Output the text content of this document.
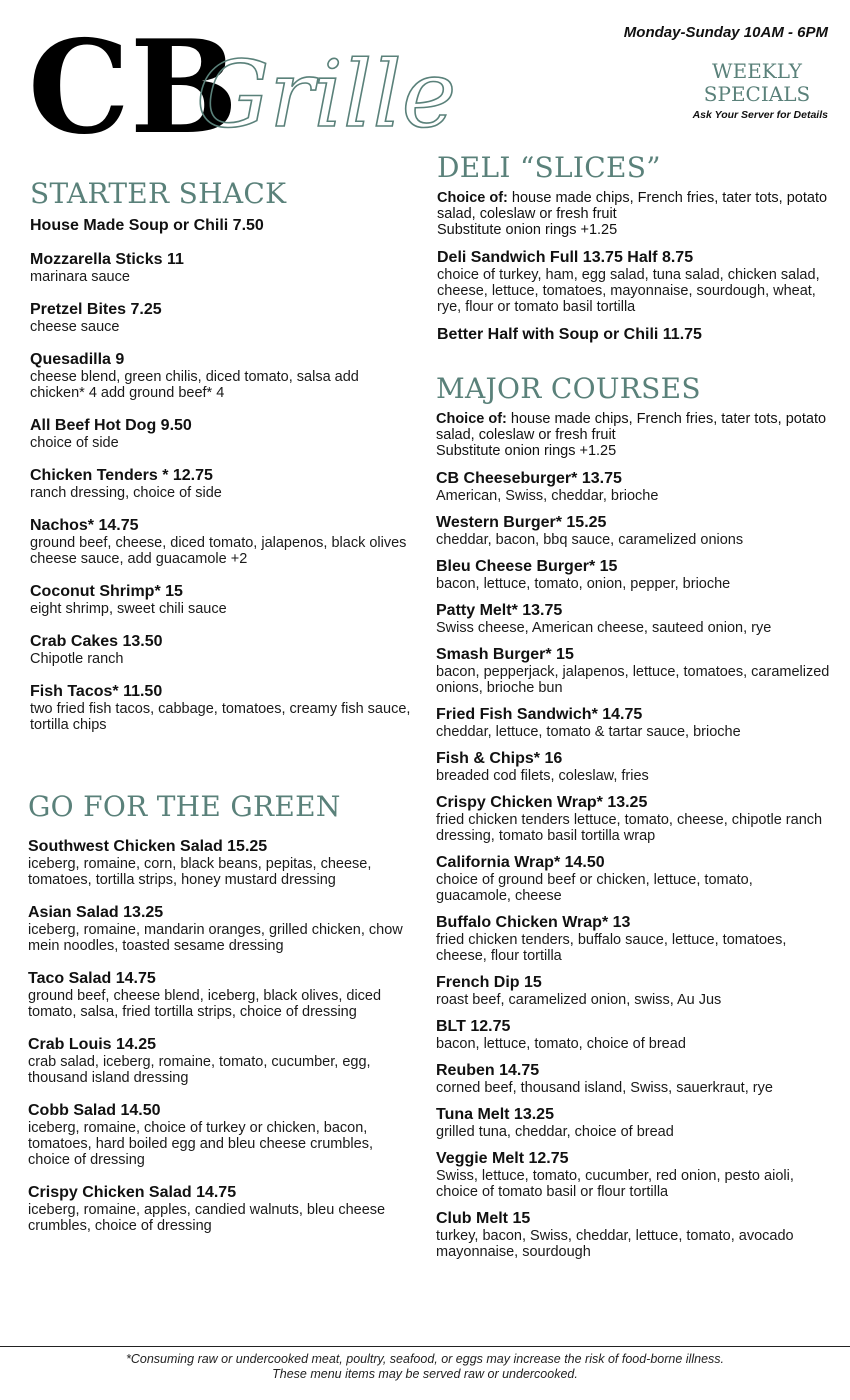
CB
Grille
Monday-Sunday 10AM - 6PM
WEEKLY
SPECIALS
Ask Your Server for Details
STARTER SHACK
House Made Soup or Chili 7.50
Mozzarella Sticks 11
marinara sauce
Pretzel Bites 7.25
cheese sauce
Quesadilla 9
cheese blend, green chilis, diced tomato, salsa add chicken* 4 add ground beef* 4
All Beef Hot Dog 9.50
choice of side
Chicken Tenders * 12.75
ranch dressing, choice of side
Nachos* 14.75
ground beef, cheese, diced tomato, jalapenos, black olives cheese sauce, add guacamole +2
Coconut Shrimp* 15
eight shrimp, sweet chili sauce
Crab Cakes 13.50
Chipotle ranch
Fish Tacos* 11.50
two fried fish tacos, cabbage, tomatoes, creamy fish sauce, tortilla chips
GO FOR THE GREEN
Southwest Chicken Salad 15.25
iceberg, romaine, corn, black beans, pepitas, cheese, tomatoes, tortilla strips, honey mustard dressing
Asian Salad 13.25
iceberg, romaine, mandarin oranges, grilled chicken, chow mein noodles, toasted sesame dressing
Taco Salad 14.75
ground beef, cheese blend, iceberg, black olives, diced tomato, salsa, fried tortilla strips, choice of dressing
Crab Louis 14.25
crab salad, iceberg, romaine, tomato, cucumber, egg, thousand island dressing
Cobb Salad 14.50
iceberg, romaine, choice of turkey or chicken, bacon, tomatoes, hard boiled egg and bleu cheese crumbles, choice of dressing
Crispy Chicken Salad 14.75
iceberg, romaine, apples, candied walnuts, bleu cheese crumbles, choice of dressing
DELI “SLICES”
Choice of: house made chips, French fries, tater tots, potato salad, coleslaw or fresh fruit
Substitute onion rings +1.25
Deli Sandwich Full 13.75 Half 8.75
choice of turkey, ham, egg salad, tuna salad, chicken salad, cheese, lettuce, tomatoes, mayonnaise, sourdough, wheat, rye, flour or tomato basil tortilla
Better Half with Soup or Chili 11.75
MAJOR COURSES
Choice of: house made chips, French fries, tater tots, potato salad, coleslaw or fresh fruit
Substitute onion rings +1.25
CB Cheeseburger* 13.75
American, Swiss, cheddar, brioche
Western Burger* 15.25
cheddar, bacon, bbq sauce, caramelized onions
Bleu Cheese Burger* 15
bacon, lettuce, tomato, onion, pepper, brioche
Patty Melt* 13.75
Swiss cheese, American cheese, sauteed onion, rye
Smash Burger* 15
bacon, pepperjack, jalapenos, lettuce, tomatoes, caramelized onions, brioche bun
Fried Fish Sandwich* 14.75
cheddar, lettuce, tomato & tartar sauce, brioche
Fish & Chips* 16
breaded cod filets, coleslaw, fries
Crispy Chicken Wrap* 13.25
fried chicken tenders lettuce, tomato, cheese, chipotle ranch dressing, tomato basil tortilla wrap
California Wrap* 14.50
choice of ground beef or chicken, lettuce, tomato, guacamole, cheese
Buffalo Chicken Wrap* 13
fried chicken tenders, buffalo sauce, lettuce, tomatoes, cheese, flour tortilla
French Dip 15
roast beef, caramelized onion, swiss, Au Jus
BLT 12.75
bacon, lettuce, tomato, choice of bread
Reuben 14.75
corned beef, thousand island, Swiss, sauerkraut, rye
Tuna Melt 13.25
grilled tuna, cheddar, choice of bread
Veggie Melt 12.75
Swiss, lettuce, tomato, cucumber, red onion, pesto aioli, choice of tomato basil or flour tortilla
Club Melt 15
turkey, bacon, Swiss, cheddar, lettuce, tomato, avocado mayonnaise, sourdough
*Consuming raw or undercooked meat, poultry, seafood, or eggs may increase the risk of food-borne illness.
These menu items may be served raw or undercooked.
